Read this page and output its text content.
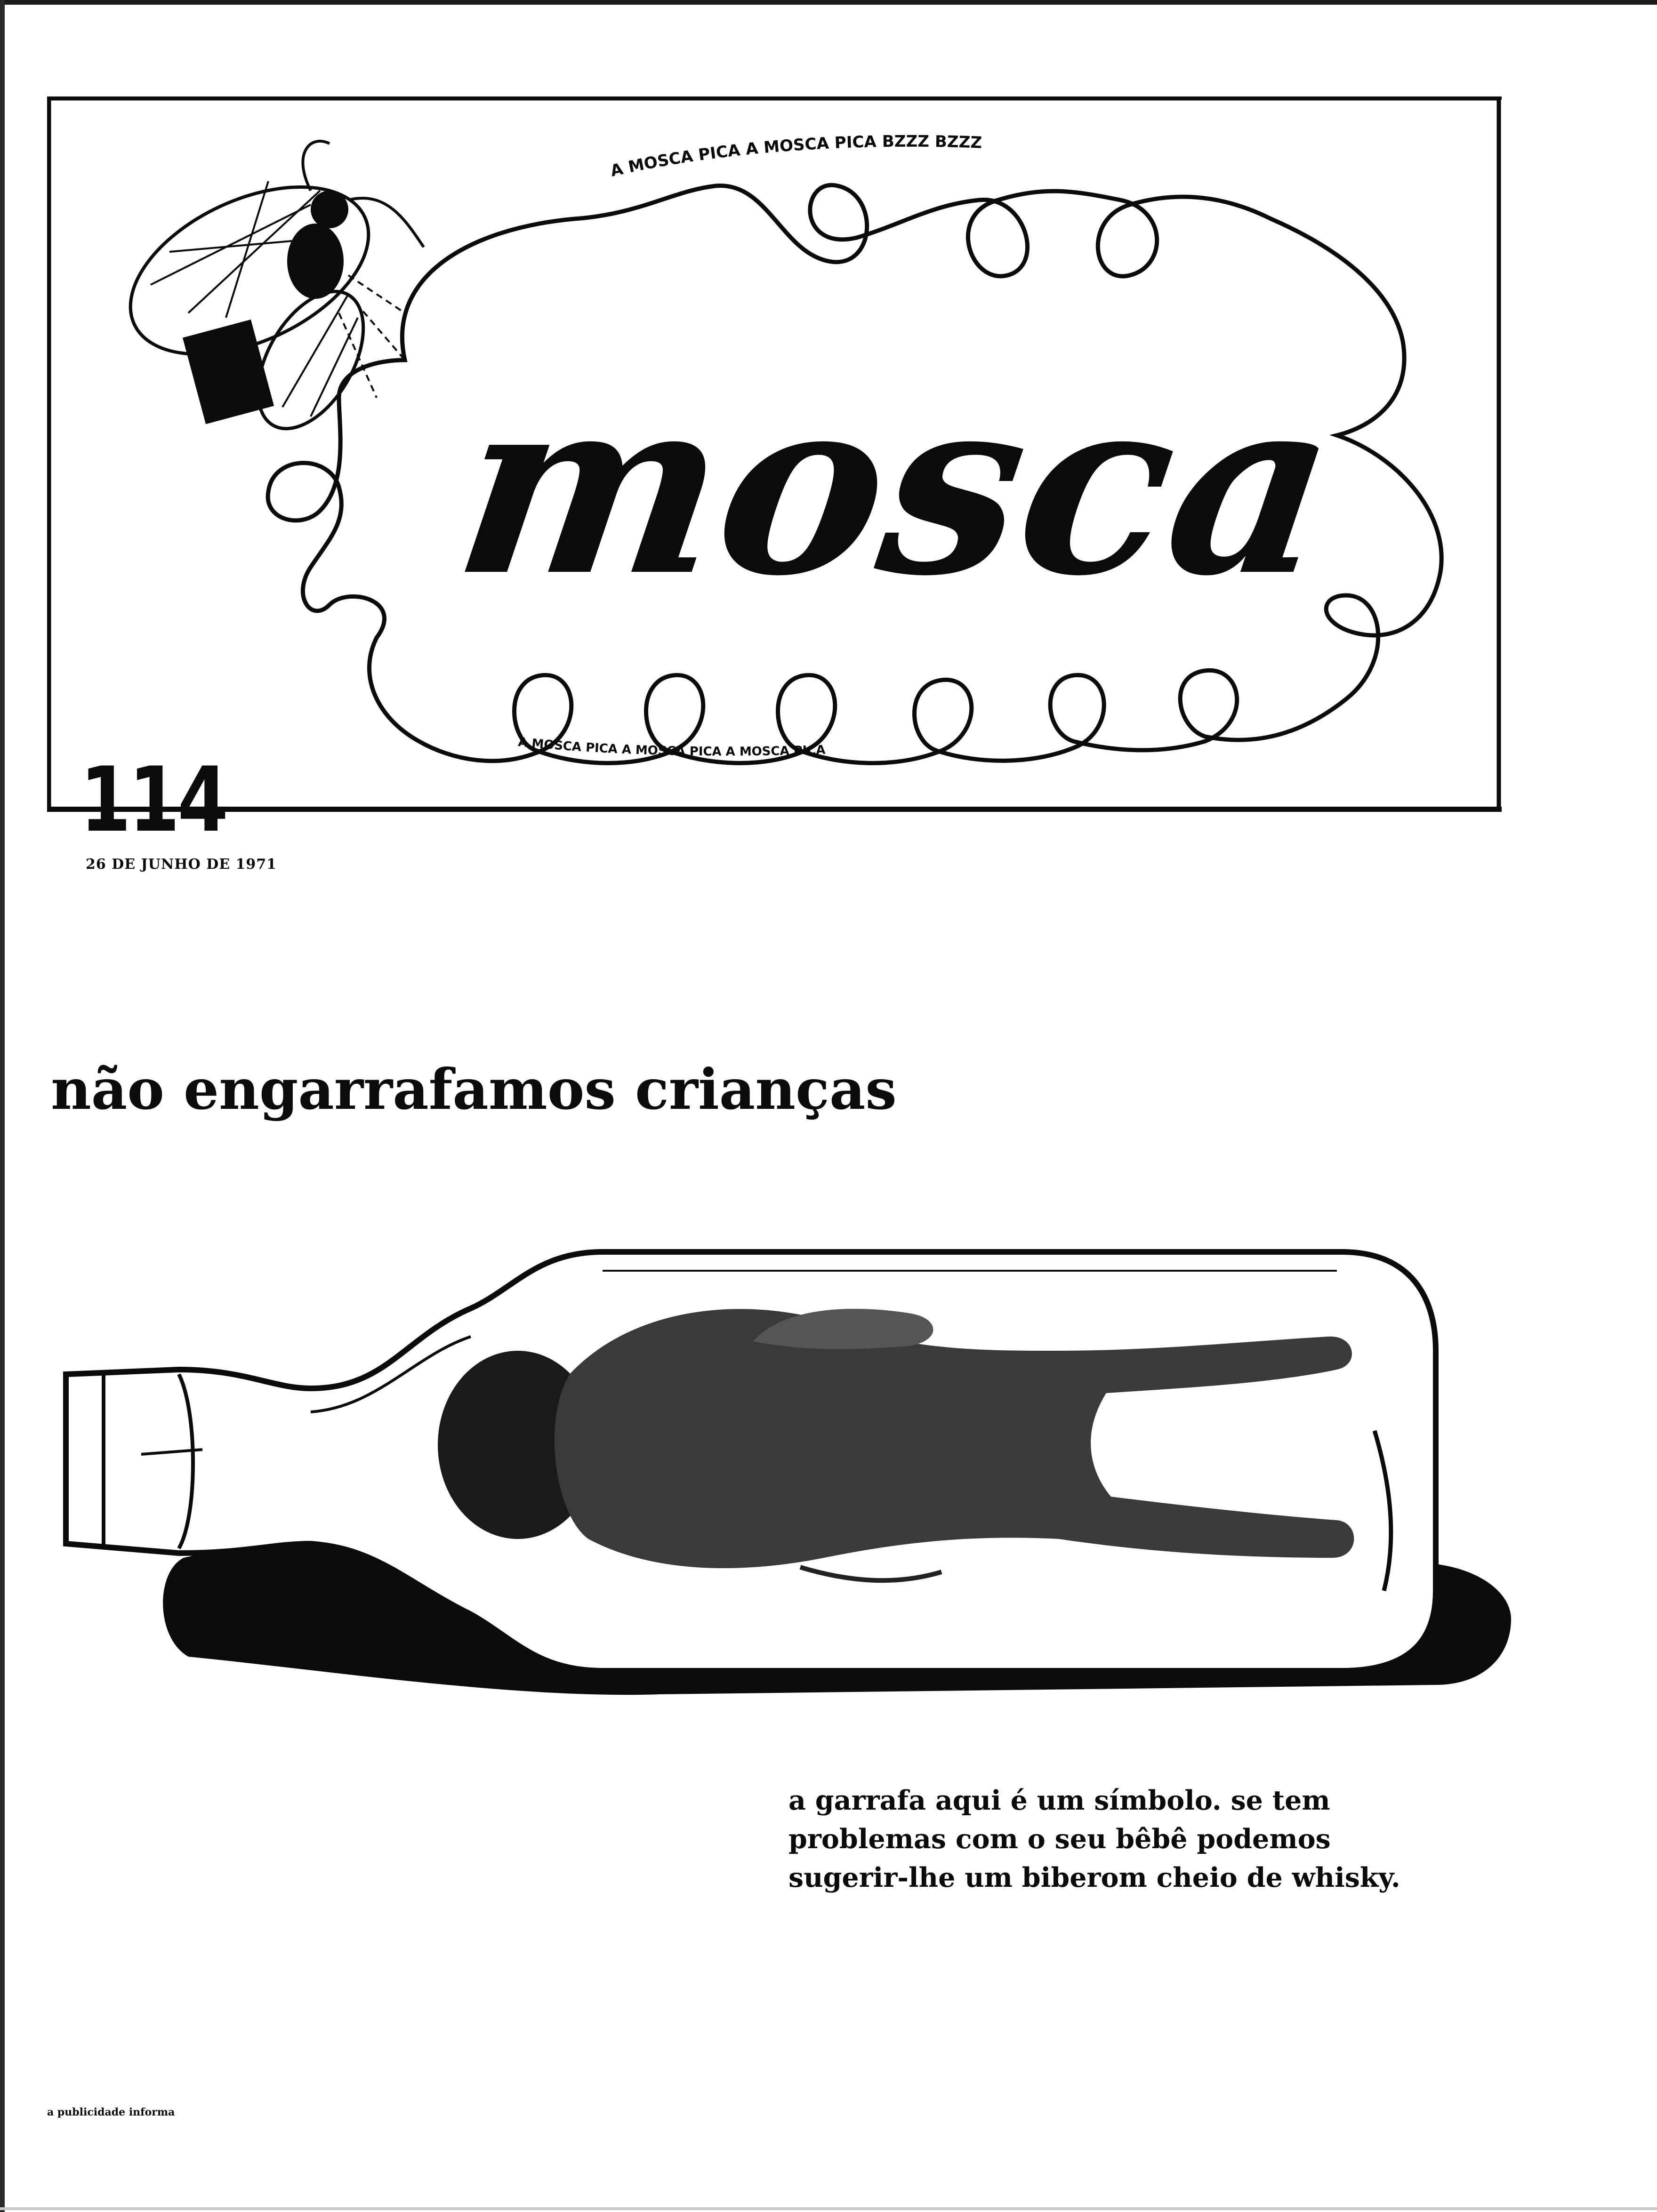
A MOSCA PICA A MOSCA PICA BZZZ BZZZ
A MOSCA PICA A MOSCA PICA A MOSCA PICA
mosca

114

26 DE JUNHO DE 1971

não engarrafamos crianças

a garrafa aqui é um símbolo. se tem problemas com o seu bêbê podemos sugerir-lhe um biberom cheio de whisky.

a publicidade informa
